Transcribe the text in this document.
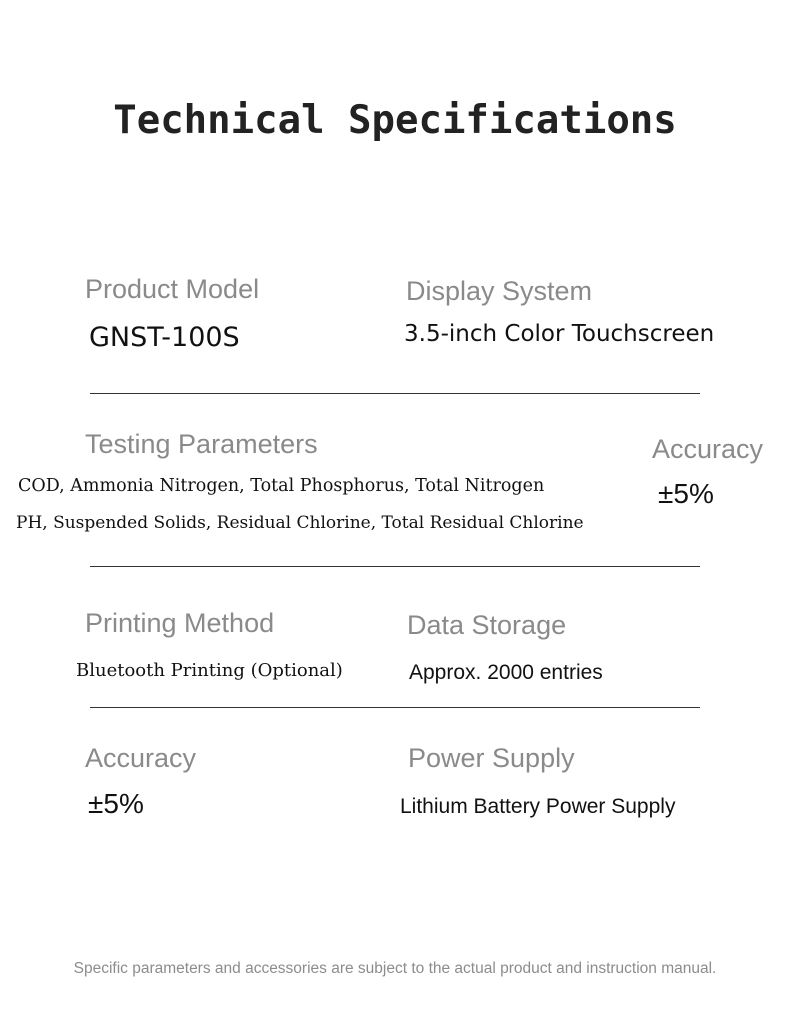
Technical Specifications
Product Model
GNST-100S
Display System
3.5-inch Color Touchscreen
Testing Parameters
COD, Ammonia Nitrogen, Total Phosphorus, Total Nitrogen
PH, Suspended Solids, Residual Chlorine, Total Residual Chlorine
Accuracy
±5%
Printing Method
Bluetooth Printing (Optional)
Data Storage
Approx. 2000 entries
Accuracy
±5%
Power Supply
Lithium Battery Power Supply
Specific parameters and accessories are subject to the actual product and instruction manual.
